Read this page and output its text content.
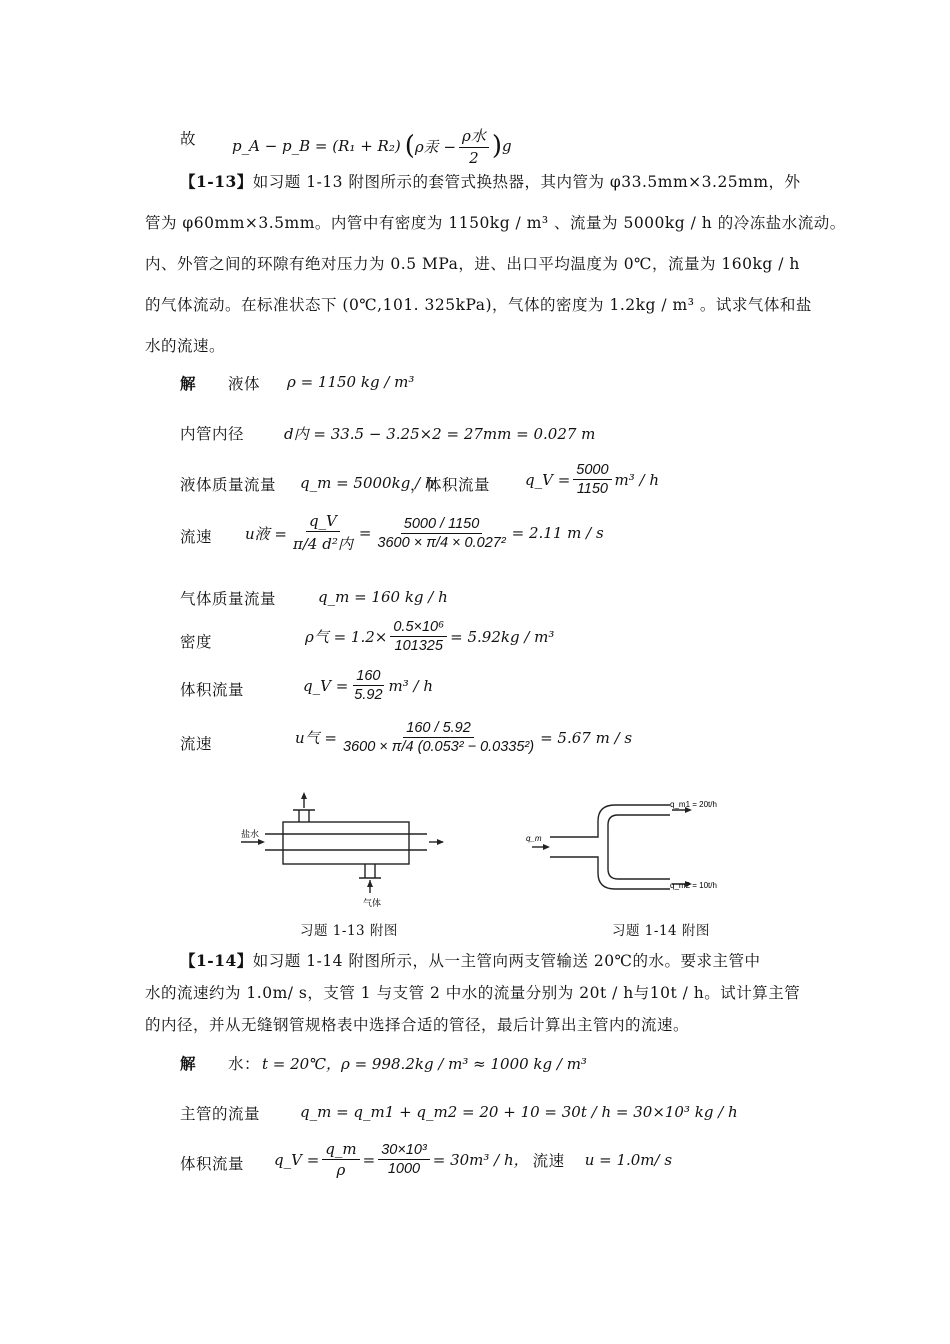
故 p_A − p_B = (R₁ + R₂) ( ρ汞 − $\frac{\text{ρ水}}{2}$ ) g
【1-13】如习题 1-13 附图所示的套管式换热器，其内管为 φ33.5mm×3.25mm，外
管为 φ60mm×3.5mm。内管中有密度为 1150kg / m³ 、流量为 5000kg / h 的冷冻盐水流动。
内、外管之间的环隙有绝对压力为 0.5 MPa，进、出口平均温度为 0℃，流量为 160kg / h
的气体流动。在标准状态下 (0℃,101. 325kPa)，气体的密度为 1.2kg / m³ 。试求气体和盐
水的流速。
解 液体 ρ = 1150 kg / m³
内管内径	d内 = 33.5 − 3.25×2 = 27mm = 0.027 m
液体质量流量 q_m = 5000kg / h
，体积流量 q_V = $\frac{5000}{1150} m^3$ / h
流速 u液 = $\frac{q\_V}{\text{π/4 d²内}} = \frac{5000 / 1150}{\text{3600 × π/4 × 0.027²}} = 2.11$ m / s
气体质量流量	q_m = 160 kg / h
密度	ρ气 = $1.2\times \frac{\text{0.5×10⁶}}{101325} = 5.92kg / m^3$
体积流量	q_V = $\frac{160}{5.92} m^3$ / h
流速	u气 = $\frac{160 / 5.92}{\text{3600 × π/4 (0.053² − 0.0335²)}} = 5.67$ m / s
盐水
气体
习题 1-13 附图
q_m
q_m1 = 20t/h
q_m2 = 10t/h
习题 1-14 附图
【1-14】如习题 1-14 附图所示，从一主管向两支管输送 20℃的水。要求主管中
水的流速约为 1.0m/ s，支管 1 与支管 2 中水的流量分别为 20t / h与10t / h。试计算主管
的内径，并从无缝钢管规格表中选择合适的管径，最后计算出主管内的流速。
解 水： t = 20℃，ρ = 998.2kg / m³ ≈ 1000 kg / m³
主管的流量	q_m = q_m1 + q_m2 = 20 + 10 = 30t / h = 30×10³ kg / h
体积流量 q_V = $\frac{q\_m}{\rho} = \frac{\text{30×10³}}{1000} = 30m^3 / h$， 流速 u = 1.0m/ s
